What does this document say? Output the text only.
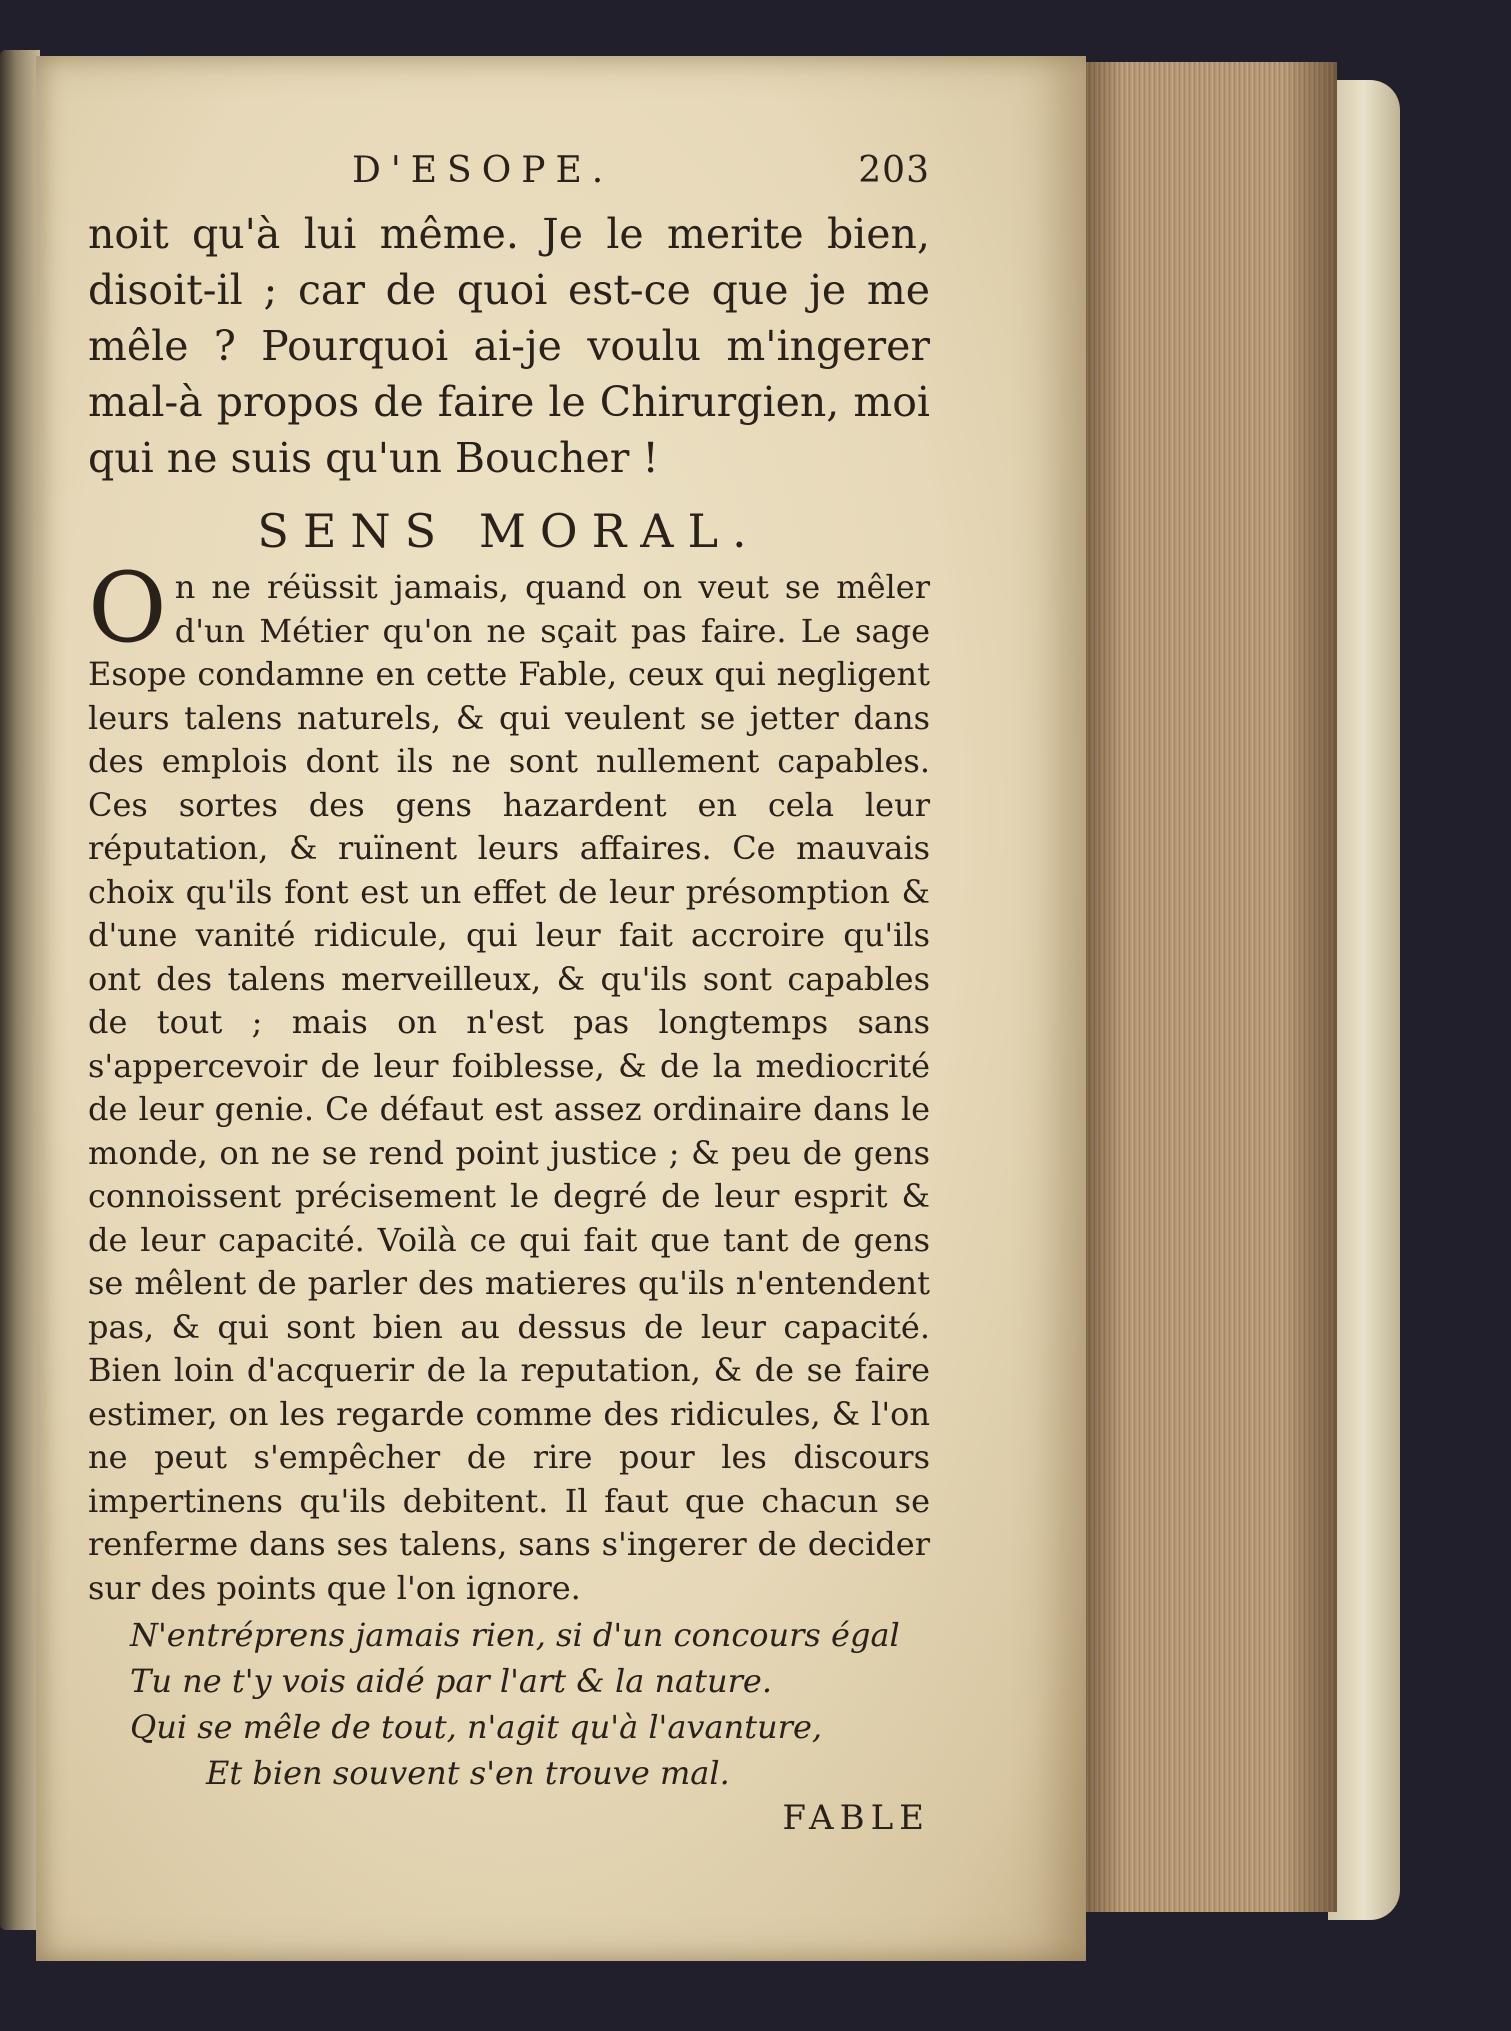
D'ESOPE.	203

noit qu'à lui même. Je le merite bien, disoit-il ; car de quoi est-ce que je me mêle ? Pourquoi ai-je voulu m'ingerer mal-à propos de faire le Chirurgien, moi qui ne suis qu'un Boucher !

SENS MORAL.

On ne réüssit jamais, quand on veut se mêler d'un Métier qu'on ne sçait pas faire. Le sage Esope condamne en cette Fable, ceux qui negligent leurs talens naturels, & qui veulent se jetter dans des emplois dont ils ne sont nullement capables. Ces sortes des gens hazardent en cela leur réputation, & ruïnent leurs affaires. Ce mauvais choix qu'ils font est un effet de leur présomption & d'une vanité ridicule, qui leur fait accroire qu'ils ont des talens merveilleux, & qu'ils sont capables de tout ; mais on n'est pas longtemps sans s'appercevoir de leur foiblesse, & de la mediocrité de leur genie. Ce défaut est assez ordinaire dans le monde, on ne se rend point justice ; & peu de gens connoissent précisement le degré de leur esprit & de leur capacité. Voilà ce qui fait que tant de gens se mêlent de parler des matieres qu'ils n'entendent pas, & qui sont bien au dessus de leur capacité. Bien loin d'acquerir de la reputation, & de se faire estimer, on les regarde comme des ridicules, & l'on ne peut s'empêcher de rire pour les discours impertinens qu'ils debitent. Il faut que chacun se renferme dans ses talens, sans s'ingerer de decider sur des points que l'on ignore.

N'entréprens jamais rien, si d'un concours égal
Tu ne t'y vois aidé par l'art & la nature.
Qui se mêle de tout, n'agit qu'à l'avanture,
Et bien souvent s'en trouve mal.
FABLE
